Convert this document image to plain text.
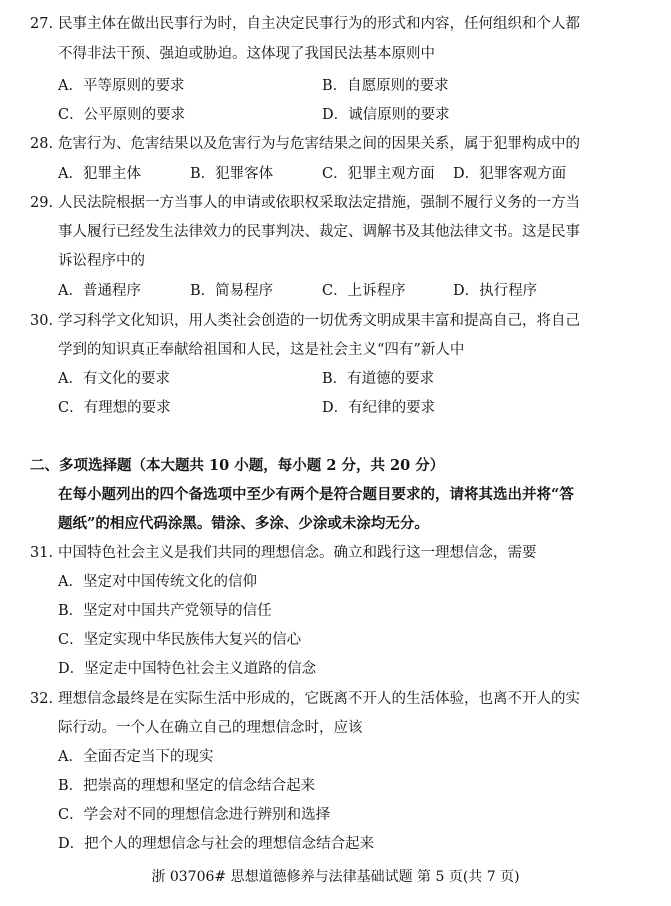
27. 民事主体在做出民事行为时，自主决定民事行为的形式和内容，任何组织和个人都
不得非法干预、强迫或胁迫。这体现了我国民法基本原则中
A．平等原则的要求	B．自愿原则的要求
C．公平原则的要求	D．诚信原则的要求
28. 危害行为、危害结果以及危害行为与危害结果之间的因果关系，属于犯罪构成中的
A．犯罪主体	B．犯罪客体	C．犯罪主观方面 D．犯罪客观方面
29. 人民法院根据一方当事人的申请或依职权采取法定措施，强制不履行义务的一方当
事人履行已经发生法律效力的民事判决、裁定、调解书及其他法律文书。这是民事
诉讼程序中的
A．普通程序	B．简易程序	C．上诉程序	D．执行程序
30. 学习科学文化知识，用人类社会创造的一切优秀文明成果丰富和提高自己，将自己
学到的知识真正奉献给祖国和人民，这是社会主义“四有”新人中
A．有文化的要求	B．有道德的要求
C．有理想的要求	D．有纪律的要求
二、多项选择题（本大题共 10 小题，每小题 2 分，共 20 分）
在每小题列出的四个备选项中至少有两个是符合题目要求的，请将其选出并将“答
题纸”的相应代码涂黑。错涂、多涂、少涂或未涂均无分。
31. 中国特色社会主义是我们共同的理想信念。确立和践行这一理想信念，需要
A．坚定对中国传统文化的信仰
B．坚定对中国共产党领导的信任
C．坚定实现中华民族伟大复兴的信心
D．坚定走中国特色社会主义道路的信念
32. 理想信念最终是在实际生活中形成的，它既离不开人的生活体验，也离不开人的实
际行动。一个人在确立自己的理想信念时，应该
A．全面否定当下的现实
B．把崇高的理想和坚定的信念结合起来
C．学会对不同的理想信念进行辨别和选择
D．把个人的理想信念与社会的理想信念结合起来
浙 03706# 思想道德修养与法律基础试题 第 5 页(共 7 页)
